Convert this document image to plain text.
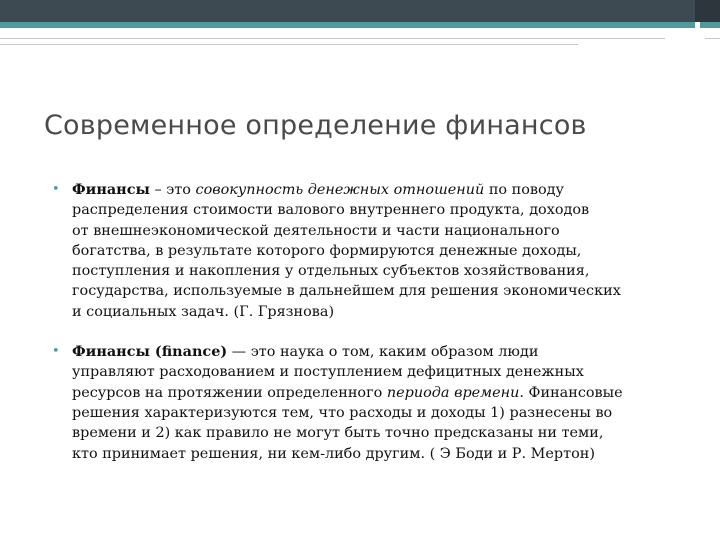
Современное определение финансов
• Финансы – это совокупность денежных отношений по поводу
распределения стоимости валового внутреннего продукта, доходов
от внешнеэкономической деятельности и части национального
богатства, в результате которого формируются денежные доходы,
поступления и накопления у отдельных субъектов хозяйствования,
государства, используемые в дальнейшем для решения экономических
и социальных задач. (Г. Грязнова)
• Финансы (finance) — это наука о том, каким образом люди
управляют расходованием и поступлением дефицитных денежных
ресурсов на протяжении определенного периода времени. Финансовые
решения характеризуются тем, что расходы и доходы 1) разнесены во
времени и 2) как правило не могут быть точно предсказаны ни теми,
кто принимает решения, ни кем-либо другим. ( Э Боди и Р. Мертон)
